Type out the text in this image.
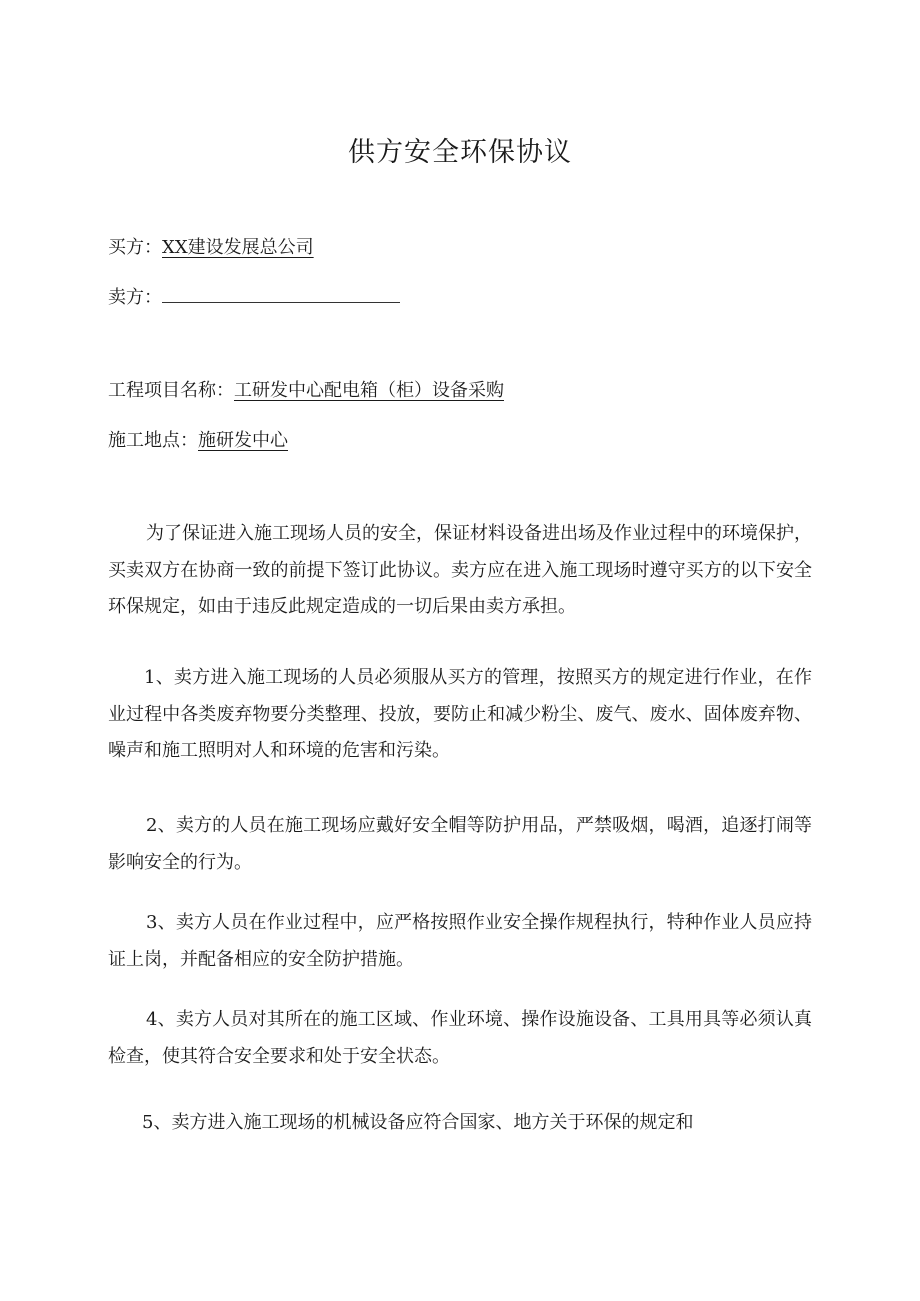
供方安全环保协议
买方：XX建设发展总公司
卖方：
工程项目名称：工研发中心配电箱（柜）设备采购
施工地点：施研发中心

为了保证进入施工现场人员的安全，保证材料设备进出场及作业过程中的环境保护，买卖双方在协商一致的前提下签订此协议。卖方应在进入施工现场时遵守买方的以下安全环保规定，如由于违反此规定造成的一切后果由卖方承担。

1、卖方进入施工现场的人员必须服从买方的管理，按照买方的规定进行作业，在作业过程中各类废弃物要分类整理、投放，要防止和减少粉尘、废气、废水、固体废弃物、噪声和施工照明对人和环境的危害和污染。

2、卖方的人员在施工现场应戴好安全帽等防护用品，严禁吸烟，喝酒，追逐打闹等影响安全的行为。

3、卖方人员在作业过程中，应严格按照作业安全操作规程执行，特种作业人员应持证上岗，并配备相应的安全防护措施。

4、卖方人员对其所在的施工区域、作业环境、操作设施设备、工具用具等必须认真检查，使其符合安全要求和处于安全状态。

5、卖方进入施工现场的机械设备应符合国家、地方关于环保的规定和
